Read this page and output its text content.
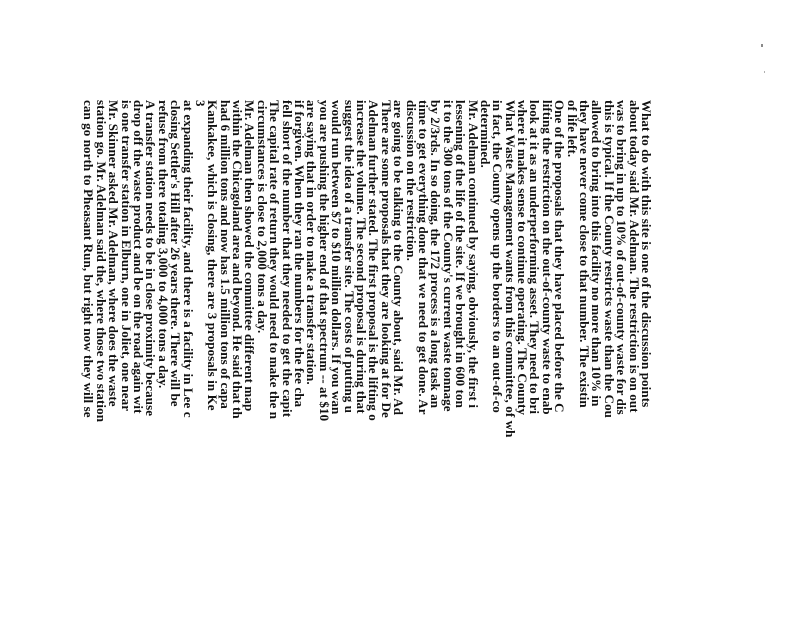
What to do with this site is one of the discussion points
about today said Mr. Adelman. The restriction is on out
was to bring in up to 10% of out-of-county waste for dis
this is typical. If the County restricts waste than the Cou
allowed to bring into this facility no more than 10% in
they have never come close to that number. The existin
of life left.
One of the proposals that they have placed before the C
lifting the restriction on the out-of-county waste to enab
look at it as an underperforming asset. They need to bri
where it makes sense to continue operating. The County
What Waste Management wants from this committee, of wh
in fact, the County opens up the borders to an out-of-co
determined.
Mr. Adelman continued by saying, obviously, the first i
lessening of the life of the site. If we brought in 600 ton
it to the 300 tons of the County's current waste tonnage
by 2/3rds. In so doing, the 172 process is a long task an
time to get everything done that we need to get done. Ar
discussion on the restriction.
are going to be talking to the County about, said Mr. Ad
There are some proposals that they are looking at for De
Adelman further stated. The first proposal is the lifting o
increase the volume. The second proposal is during that
suggest the idea of a transfer site. The costs of putting u
would run between $7 to $10 million dollars. If you wan
you are pushing the higher end of that spectrum -- at $10
are saying that in order to make a transfer station.
if forgiven. When they ran the numbers for the fee cha
fell short of the number that they needed to get the capit
The capital rate of return they would need to make the n
circumstances is close to 2,000 tons a day.
Mr. Adelman then showed the committee different map
within the Chicagoland area and beyond. He said that th
had 6 million tons and now has 1.5 million tons of capa
Kankakee, which is closing, there are 3 proposals in Ke
3
at expanding their facility, and there is a facility in Lee c
closing Settler's Hill after 26 years there. There will be
refuse from there totaling 3,000 to 4,000 tons a day.
A transfer station needs to be in close proximity because
drop off the waste product and be on the road again wit
is one transfer station in Elburn, one in Joliet, one near
Mr. Skinner asked Mr. Adelman, where does the waste
station go. Mr. Adelman said the, where those two station
can go north to Pheasant Run, but right now they will se
